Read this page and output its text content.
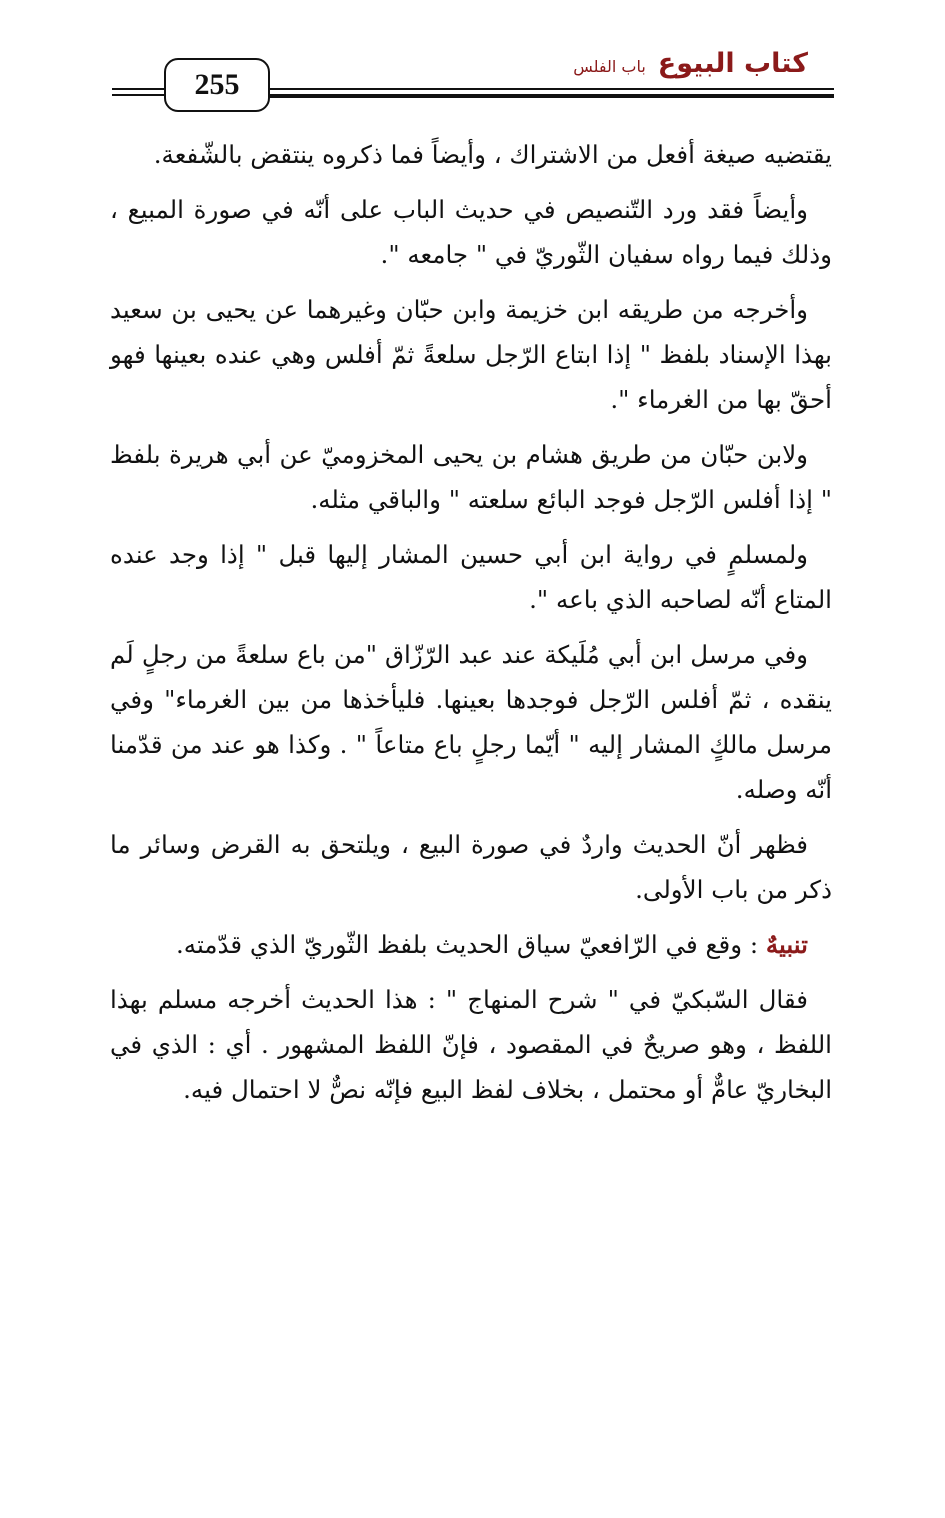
255
كتاب البيوع
باب الفلس

يقتضيه صيغة أفعل من الاشتراك ، وأيضاً فما ذكروه ينتقض بالشّفعة.

وأيضاً فقد ورد التّنصيص في حديث الباب على أنّه في صورة المبيع ، وذلك فيما رواه سفيان الثّوريّ في " جامعه ".

وأخرجه من طريقه ابن خزيمة وابن حبّان وغيرهما عن يحيى بن سعيد بهذا الإسناد بلفظ " إذا ابتاع الرّجل سلعةً ثمّ أفلس وهي عنده بعينها فهو أحقّ بها من الغرماء ".

ولابن حبّان من طريق هشام بن يحيى المخزوميّ عن أبي هريرة بلفظ " إذا أفلس الرّجل فوجد البائع سلعته " والباقي مثله.

ولمسلمٍ في رواية ابن أبي حسين المشار إليها قبل " إذا وجد عنده المتاع أنّه لصاحبه الذي باعه ".

وفي مرسل ابن أبي مُلَيكة عند عبد الرّزّاق "من باع سلعةً من رجلٍ لَم ينقده ، ثمّ أفلس الرّجل فوجدها بعينها. فليأخذها من بين الغرماء" وفي مرسل مالكٍ المشار إليه " أيّما رجلٍ باع متاعاً " . وكذا هو عند من قدّمنا أنّه وصله.

فظهر أنّ الحديث واردٌ في صورة البيع ، ويلتحق به القرض وسائر ما ذكر من باب الأولى.

تنبيهٌ : وقع في الرّافعيّ سياق الحديث بلفظ الثّوريّ الذي قدّمته.

فقال السّبكيّ في " شرح المنهاج " : هذا الحديث أخرجه مسلم بهذا اللفظ ، وهو صريحٌ في المقصود ، فإنّ اللفظ المشهور . أي : الذي في البخاريّ عامٌّ أو محتمل ، بخلاف لفظ البيع فإنّه نصٌّ لا احتمال فيه.
